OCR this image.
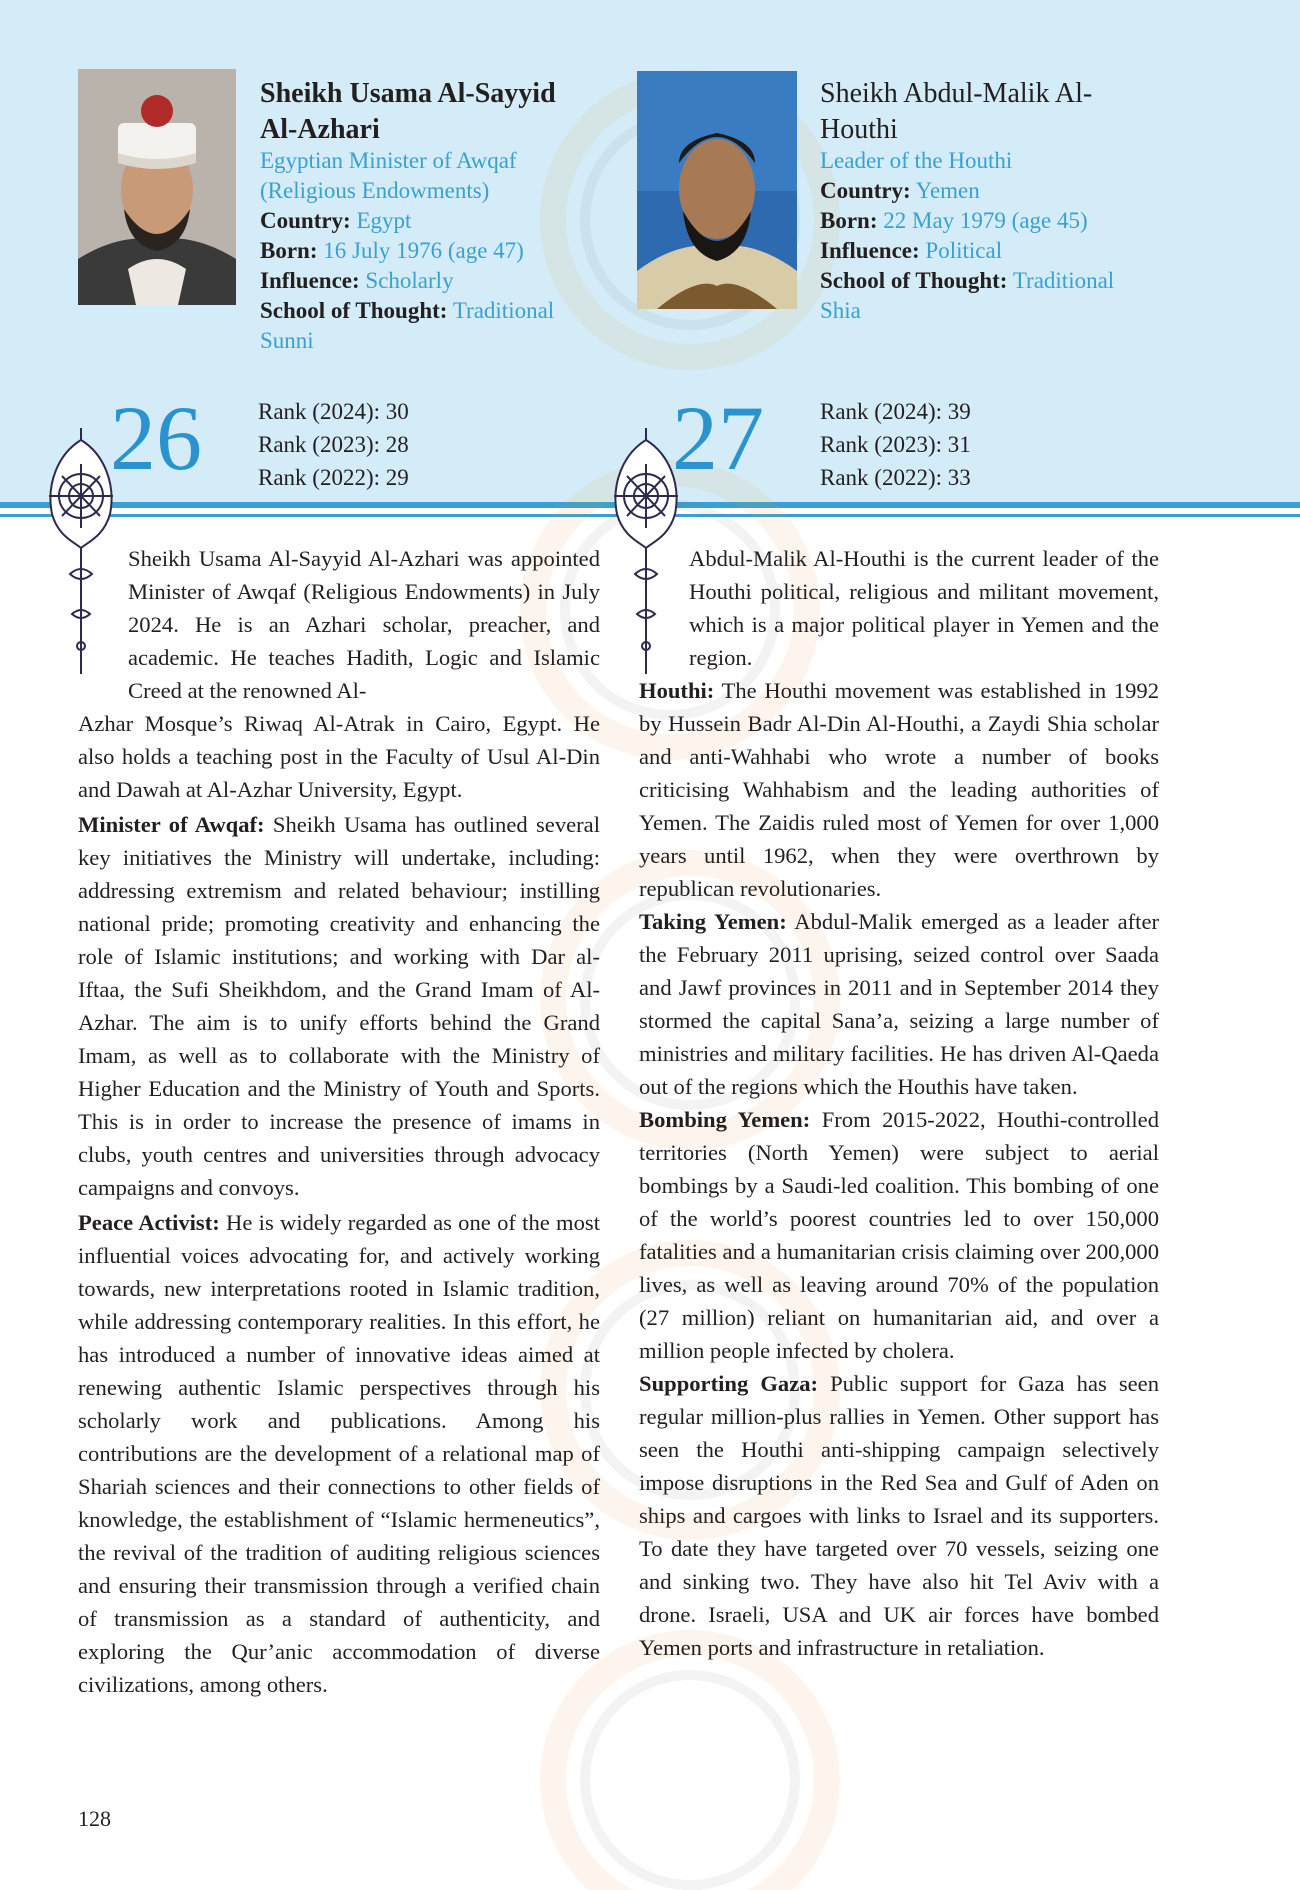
Sheikh Usama Al-Sayyid
Al-Azhari
Egyptian Minister of Awqaf
(Religious Endowments)
Country: Egypt
Born: 16 July 1976 (age 47)
Influence: Scholarly
School of Thought: Traditional
Sunni
Sheikh Abdul-Malik Al-
Houthi
Leader of the Houthi
Country: Yemen
Born: 22 May 1979 (age 45)
Influence: Political
School of Thought: Traditional
Shia
26 Rank (2024): 30
Rank (2023): 28
Rank (2022): 29	27 Rank (2024): 39
Rank (2023): 31
Rank (2022): 33

Sheikh Usama Al-Sayyid Al-Azhari was appointed Minister of Awqaf (Religious Endowments) in July 2024. He is an Azhari scholar, preacher, and academic. He teaches Hadith, Logic and Islamic Creed at the renowned Al-

Azhar Mosque’s Riwaq Al-Atrak in Cairo, Egypt. He also holds a teaching post in the Faculty of Usul Al-Din and Dawah at Al-Azhar University, Egypt.

Minister of Awqaf: Sheikh Usama has outlined several key initiatives the Ministry will undertake, including: addressing extremism and related behaviour; instilling national pride; promoting creativity and enhancing the role of Islamic institutions; and working with Dar al-Iftaa, the Sufi Sheikhdom, and the Grand Imam of Al-Azhar. The aim is to unify efforts behind the Grand Imam, as well as to collaborate with the Ministry of Higher Education and the Ministry of Youth and Sports. This is in order to increase the presence of imams in clubs, youth centres and universities through advocacy campaigns and convoys.

Peace Activist: He is widely regarded as one of the most influential voices advocating for, and actively working towards, new interpretations rooted in Islamic tradition, while addressing contemporary realities. In this effort, he has introduced a number of innovative ideas aimed at renewing authentic Islamic perspectives through his scholarly work and publications. Among his contributions are the development of a relational map of Shariah sciences and their connections to other fields of knowledge, the establishment of “Islamic hermeneutics”, the revival of the tradition of auditing religious sciences and ensuring their transmission through a verified chain of transmission as a standard of authenticity, and exploring the Qur’anic accommodation of diverse civilizations, among others.

Abdul-Malik Al-Houthi is the current leader of the Houthi political, religious and militant movement, which is a major political player in Yemen and the region.

Houthi: The Houthi movement was established in 1992 by Hussein Badr Al-Din Al-Houthi, a Zaydi Shia scholar and anti-Wahhabi who wrote a number of books criticising Wahhabism and the leading authorities of Yemen. The Zaidis ruled most of Yemen for over 1,000 years until 1962, when they were overthrown by republican revolutionaries.

Taking Yemen: Abdul-Malik emerged as a leader after the February 2011 uprising, seized control over Saada and Jawf provinces in 2011 and in September 2014 they stormed the capital Sana’a, seizing a large number of ministries and military facilities. He has driven Al-Qaeda out of the regions which the Houthis have taken.

Bombing Yemen: From 2015-2022, Houthi-controlled territories (North Yemen) were subject to aerial bombings by a Saudi-led coalition. This bombing of one of the world’s poorest countries led to over 150,000 fatalities and a humanitarian crisis claiming over 200,000 lives, as well as leaving around 70% of the population (27 million) reliant on humanitarian aid, and over a million people infected by cholera.

Supporting Gaza: Public support for Gaza has seen regular million-plus rallies in Yemen. Other support has seen the Houthi anti-shipping campaign selectively impose disruptions in the Red Sea and Gulf of Aden on ships and cargoes with links to Israel and its supporters. To date they have targeted over 70 vessels, seizing one and sinking two. They have also hit Tel Aviv with a drone. Israeli, USA and UK air forces have bombed Yemen ports and infrastructure in retaliation.

128
